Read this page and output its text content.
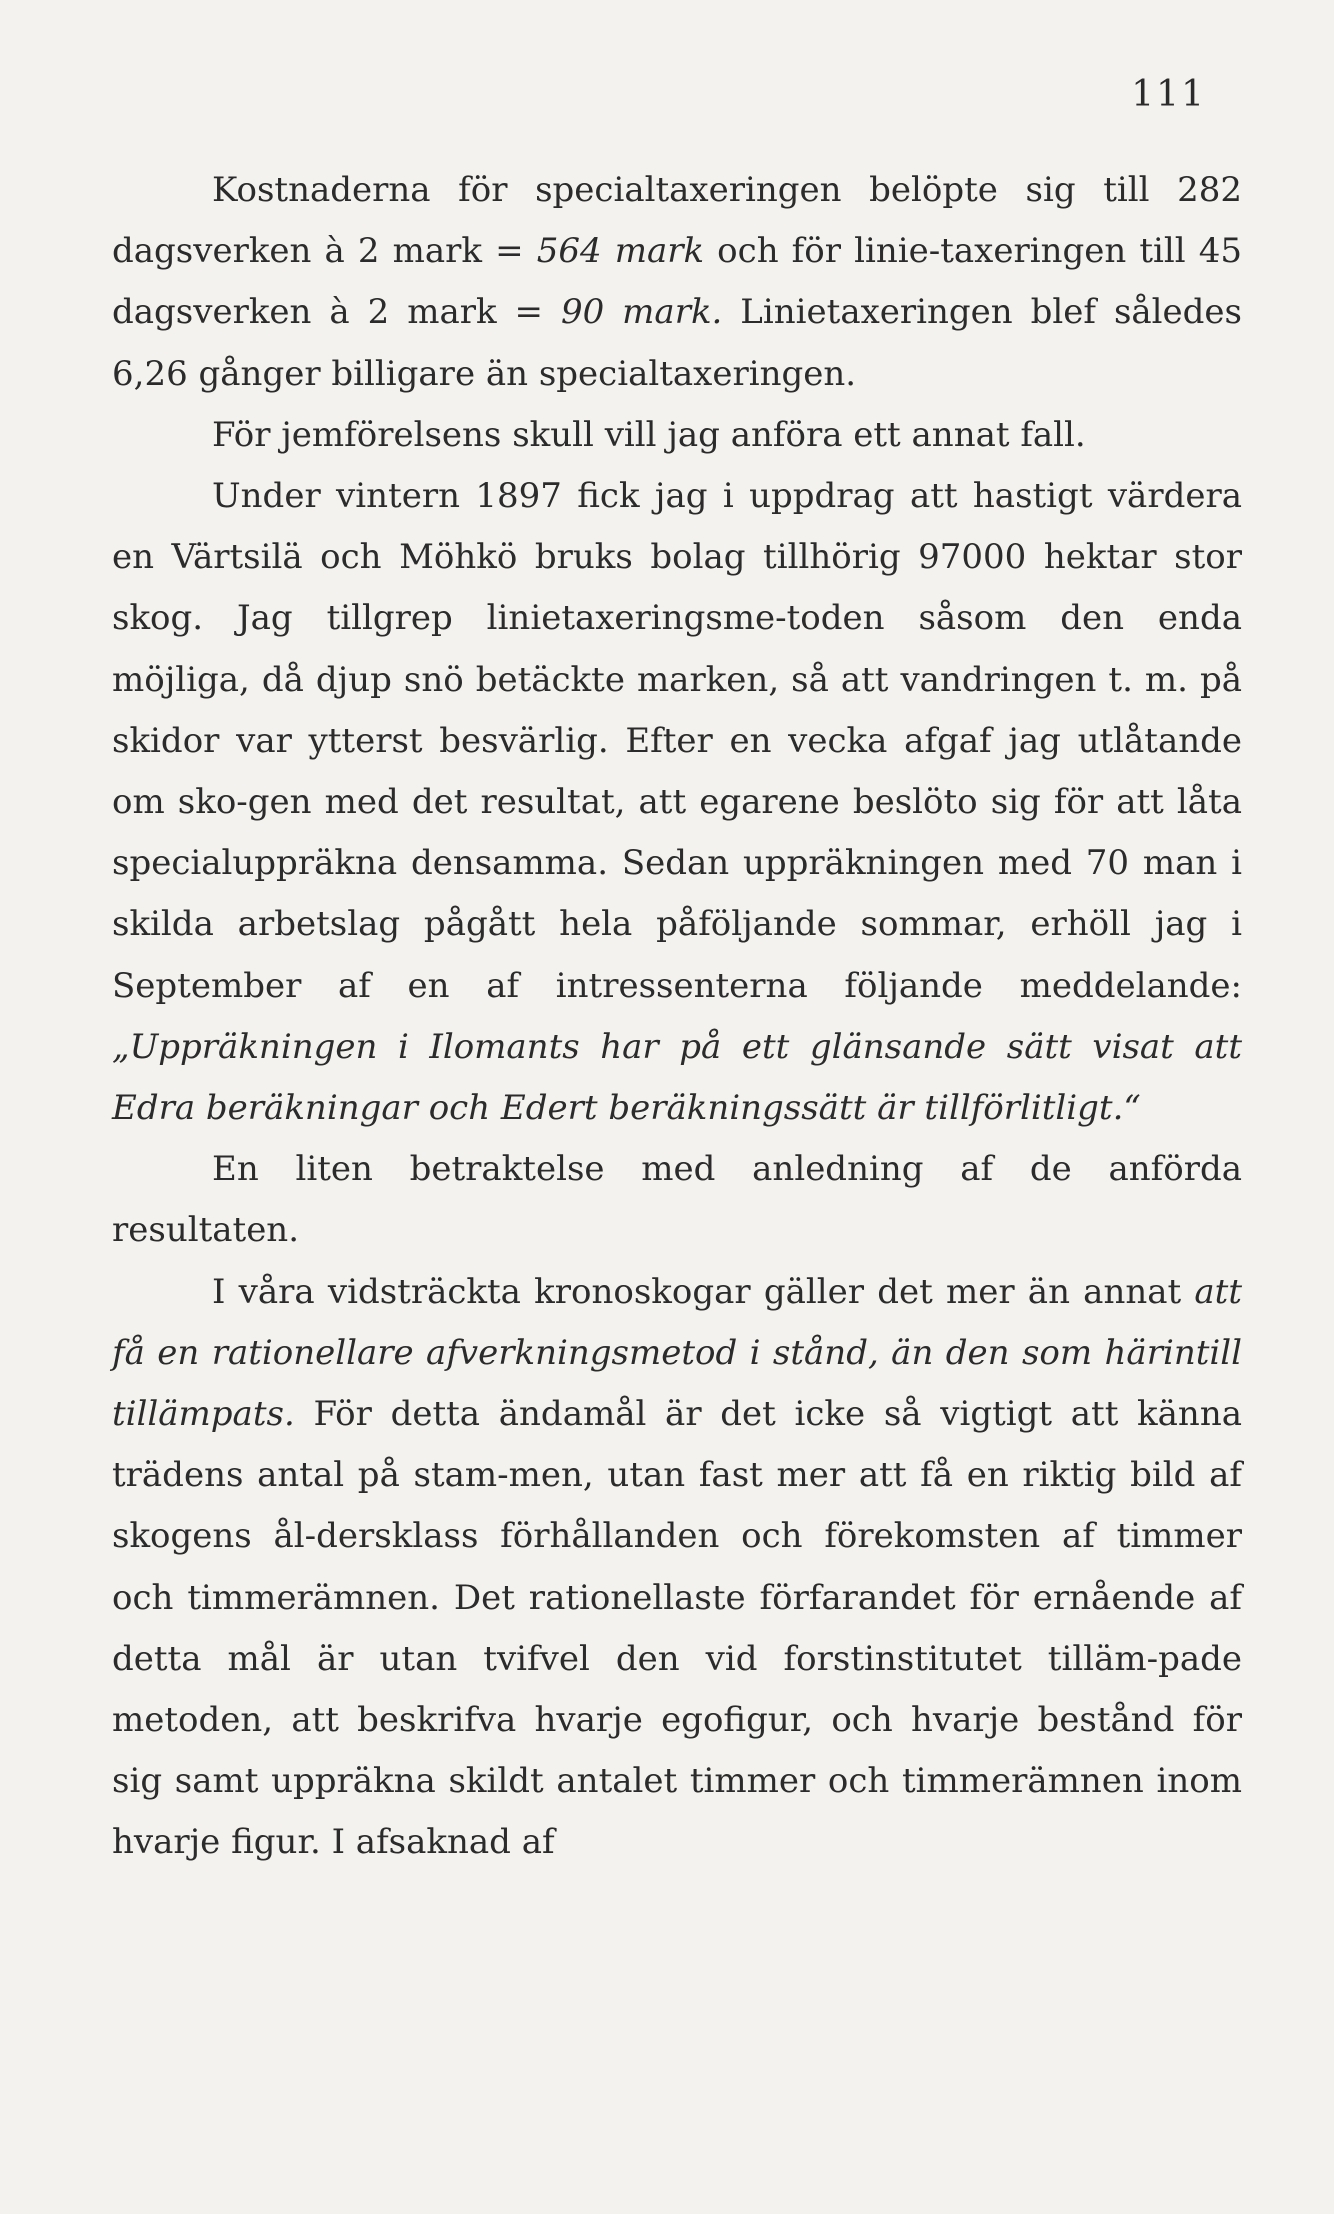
111

Kostnaderna för specialtaxeringen belöpte sig till 282 dagsverken à 2 mark = 564 mark och för linie-taxeringen till 45 dagsverken à 2 mark = 90 mark. Linietaxeringen blef således 6,26 gånger billigare än specialtaxeringen.

För jemförelsens skull vill jag anföra ett annat fall.

Under vintern 1897 fick jag i uppdrag att hastigt värdera en Värtsilä och Möhkö bruks bolag tillhörig 97000 hektar stor skog. Jag tillgrep linietaxeringsme-toden såsom den enda möjliga, då djup snö betäckte marken, så att vandringen t. m. på skidor var ytterst besvärlig. Efter en vecka afgaf jag utlåtande om sko-gen med det resultat, att egarene beslöto sig för att låta specialuppräkna densamma. Sedan uppräkningen med 70 man i skilda arbetslag pågått hela påföljande sommar, erhöll jag i September af en af intressenterna följande meddelande: „Uppräkningen i Ilomants har på ett glänsande sätt visat att Edra beräkningar och Edert beräkningssätt är tillförlitligt.“

En liten betraktelse med anledning af de anförda resultaten.

I våra vidsträckta kronoskogar gäller det mer än annat att få en rationellare afverkningsmetod i stånd, än den som härintill tillämpats. För detta ändamål är det icke så vigtigt att känna trädens antal på stam-men, utan fast mer att få en riktig bild af skogens ål-dersklass förhållanden och förekomsten af timmer och timmerämnen. Det rationellaste förfarandet för ernående af detta mål är utan tvifvel den vid forstinstitutet tilläm-pade metoden, att beskrifva hvarje egofigur, och hvarje bestånd för sig samt uppräkna skildt antalet timmer och timmerämnen inom hvarje figur. I afsaknad af
